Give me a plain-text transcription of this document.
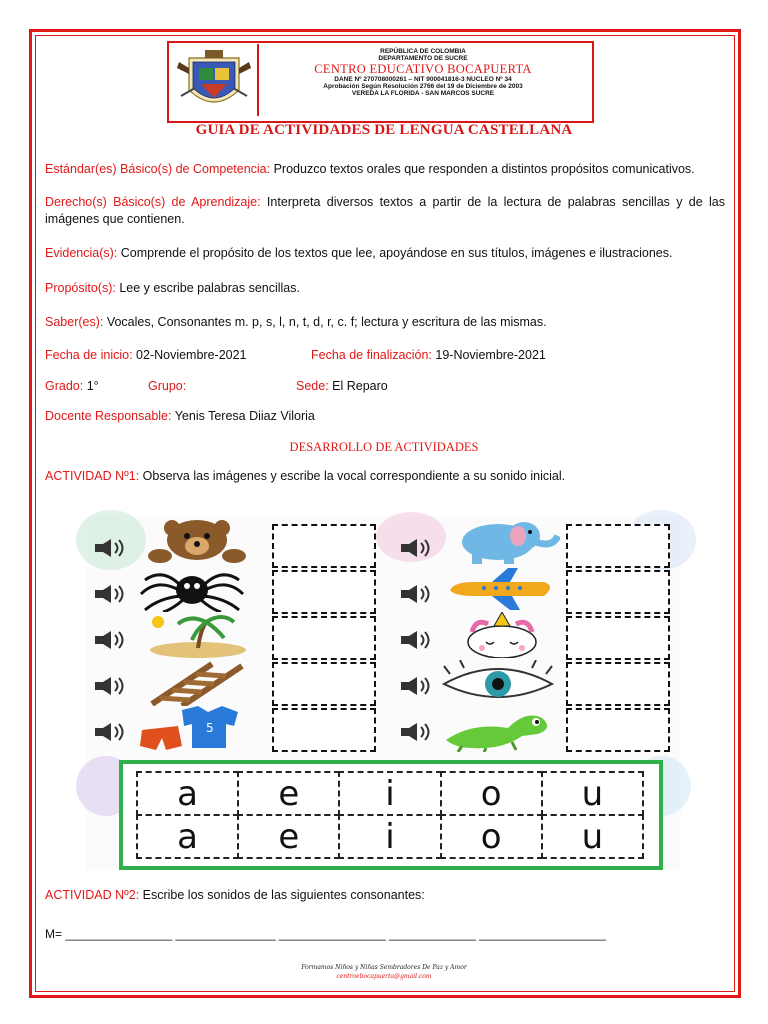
REPÚBLICA DE COLOMBIA
DEPARTAMENTO DE SUCRE
CENTRO EDUCATIVO BOCAPUERTA
DANE Nº 270708000261 – NIT 900041816-3 NUCLEO Nº 34
Aprobación Según Resolución 2766 del 19 de Diciembre de 2003
VEREDA LA FLORIDA - SAN MARCOS SUCRE
GUIA DE ACTIVIDADES DE LENGUA CASTELLANA
Estándar(es) Básico(s) de Competencia: Produzco textos orales que responden a distintos propósitos comunicativos.
Derecho(s) Básico(s) de Aprendizaje: Interpreta diversos textos a partir de la lectura de palabras sencillas y de las imágenes que contienen.
Evidencia(s): Comprende el propósito de los textos que lee, apoyándose en sus títulos, imágenes e ilustraciones.
Propósito(s): Lee y escribe palabras sencillas.
Saber(es): Vocales, Consonantes m. p, s, l, n, t, d, r, c. f; lectura y escritura de las mismas.
Fecha de inicio: 02-Noviembre-2021	Fecha de finalización: 19-Noviembre-2021
Grado: 1°	Grupo:	Sede: El Reparo
Docente Responsable: Yenis Teresa Diiaz Viloria
DESARROLLO DE ACTIVIDADES
ACTIVIDAD Nº1: Observa las imágenes y escribe la vocal correspondiente a su sonido inicial.
5
a	e	i	o	u
a	e	i	o	u
ACTIVIDAD Nº2: Escribe los sonidos de las siguientes consonantes:
M= ________________ _______________ ________________ _____________ ___________________
Formamos Niños y Niñas Sembradores De Paz y Amor
centroebocapuerta@gmail.com
